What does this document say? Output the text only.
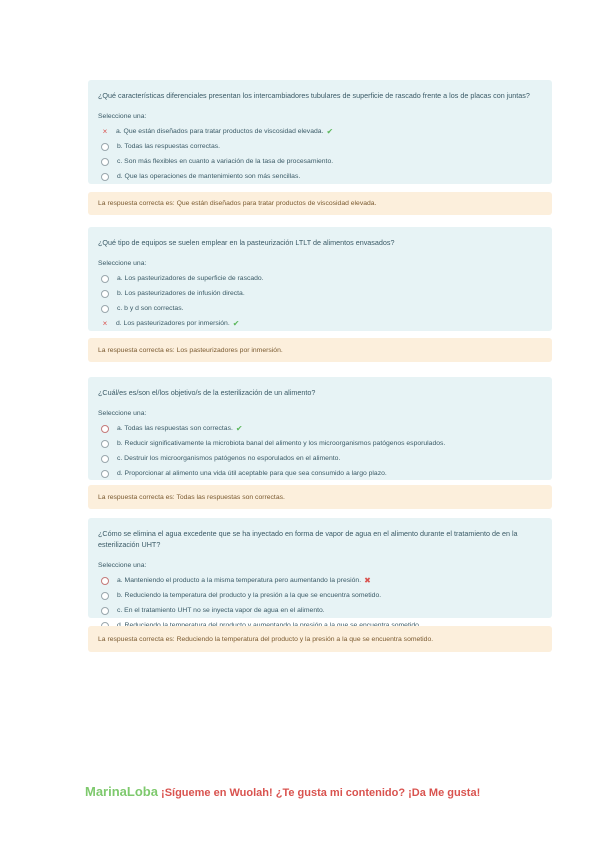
¿Qué características diferenciales presentan los intercambiadores tubulares de superficie de rascado frente a los de placas con juntas?
Seleccione una:
× a. Que están diseñados para tratar productos de viscosidad elevada. ✔
b. Todas las respuestas correctas.
c. Son más flexibles en cuanto a variación de la tasa de procesamiento.
d. Que las operaciones de mantenimiento son más sencillas.
La respuesta correcta es: Que están diseñados para tratar productos de viscosidad elevada.
¿Qué tipo de equipos se suelen emplear en la pasteurización LTLT de alimentos envasados?
Seleccione una:
a. Los pasteurizadores de superficie de rascado.
b. Los pasteurizadores de infusión directa.
c. b y d son correctas.
× d. Los pasteurizadores por inmersión. ✔
La respuesta correcta es: Los pasteurizadores por inmersión.
¿Cuál/es es/son el/los objetivo/s de la esterilización de un alimento?
Seleccione una:
a. Todas las respuestas son correctas. ✔
b. Reducir significativamente la microbiota banal del alimento y los microorganismos patógenos esporulados.
c. Destruir los microorganismos patógenos no esporulados en el alimento.
d. Proporcionar al alimento una vida útil aceptable para que sea consumido a largo plazo.
La respuesta correcta es: Todas las respuestas son correctas.
¿Cómo se elimina el agua excedente que se ha inyectado en forma de vapor de agua en el alimento durante el tratamiento de en la esterilización UHT?
Seleccione una:
a. Manteniendo el producto a la misma temperatura pero aumentando la presión. ✖
b. Reduciendo la temperatura del producto y la presión a la que se encuentra sometido.
c. En el tratamiento UHT no se inyecta vapor de agua en el alimento.
La respuesta correcta es: Reduciendo la temperatura del producto y la presión a la que se encuentra sometido.
MarinaLoba ¡Sígueme en Wuolah! ¿Te gusta mi contenido? ¡Da Me gusta!
